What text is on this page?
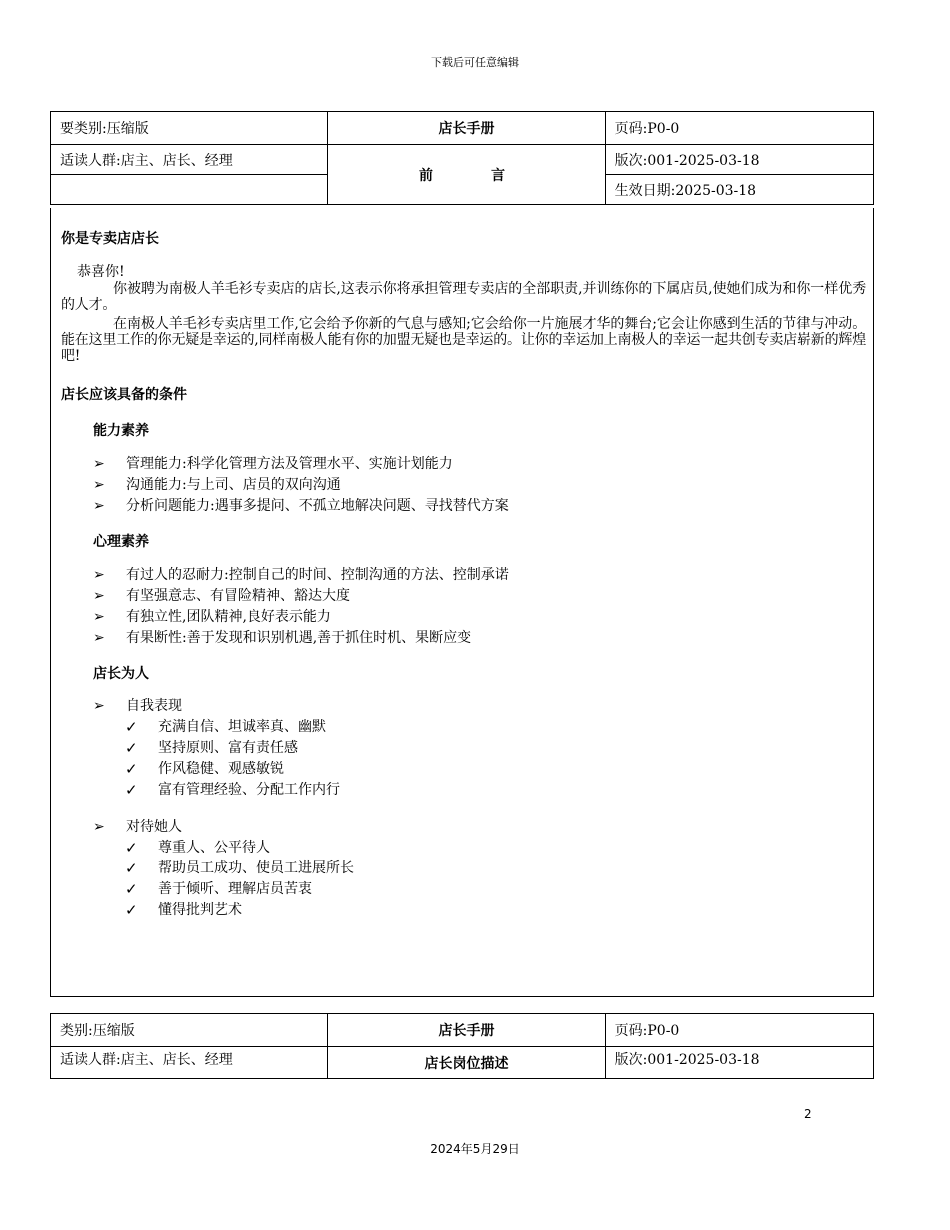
下载后可任意编辑
要类别:压缩版	店长手册	页码:P0-0
适读人群:店主、店长、经理	前　言	版次:001-2025-03-18
		生效日期:2025-03-18
你是专卖店店长
恭喜你!
你被聘为南极人羊毛衫专卖店的店长,这表示你将承担管理专卖店的全部职责,并训练你的下属店员,使她们成为和你一样优秀的人才。
在南极人羊毛衫专卖店里工作,它会给予你新的气息与感知;它会给你一片施展才华的舞台;它会让你感到生活的节律与冲动。能在这里工作的你无疑是幸运的,同样南极人能有你的加盟无疑也是幸运的。让你的幸运加上南极人的幸运一起共创专卖店崭新的辉煌吧!
店长应该具备的条件
能力素养
➢ 管理能力:科学化管理方法及管理水平、实施计划能力
➢ 沟通能力:与上司、店员的双向沟通
➢ 分析问题能力:遇事多提问、不孤立地解决问题、寻找替代方案
心理素养
➢ 有过人的忍耐力:控制自己的时间、控制沟通的方法、控制承诺
➢ 有坚强意志、有冒险精神、豁达大度
➢ 有独立性,团队精神,良好表示能力
➢ 有果断性:善于发现和识别机遇,善于抓住时机、果断应变
店长为人
➢ 自我表现
✓ 充满自信、坦诚率真、幽默
✓ 坚持原则、富有责任感
✓ 作风稳健、观感敏锐
✓ 富有管理经验、分配工作内行
➢ 对待她人
✓ 尊重人、公平待人
✓ 帮助员工成功、使员工进展所长
✓ 善于倾听、理解店员苦衷
✓ 懂得批判艺术
类别:压缩版	店长手册	页码:P0-0
适读人群:店主、店长、经理	店长岗位描述	版次:001-2025-03-18
2
2024年5月29日
